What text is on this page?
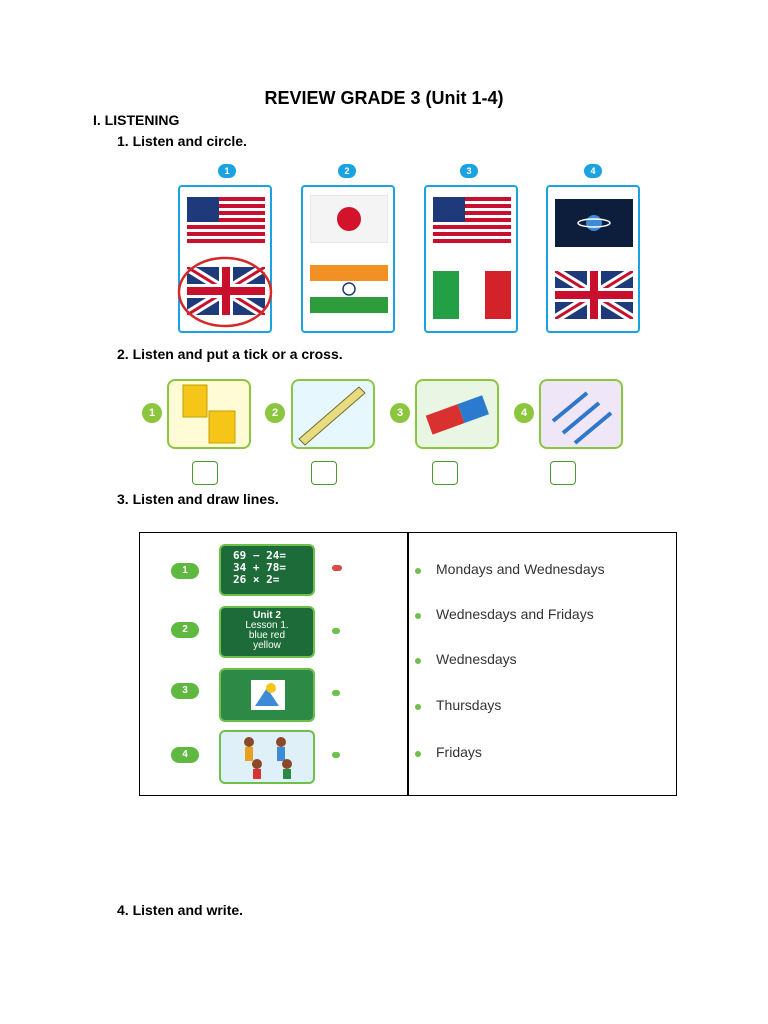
REVIEW GRADE 3 (Unit 1-4)
I. LISTENING
1. Listen and circle.
1	2	3	4
2. Listen and put a tick or a cross.
1	2	3	4
3. Listen and draw lines.
1
69 − 24=
34 + 78=
26 × 2=
2
Unit 2
Lesson 1.
blue red
yellow
3
4
Mondays and Wednesdays
Wednesdays and Fridays
Wednesdays
Thursdays
Fridays
4. Listen and write.
